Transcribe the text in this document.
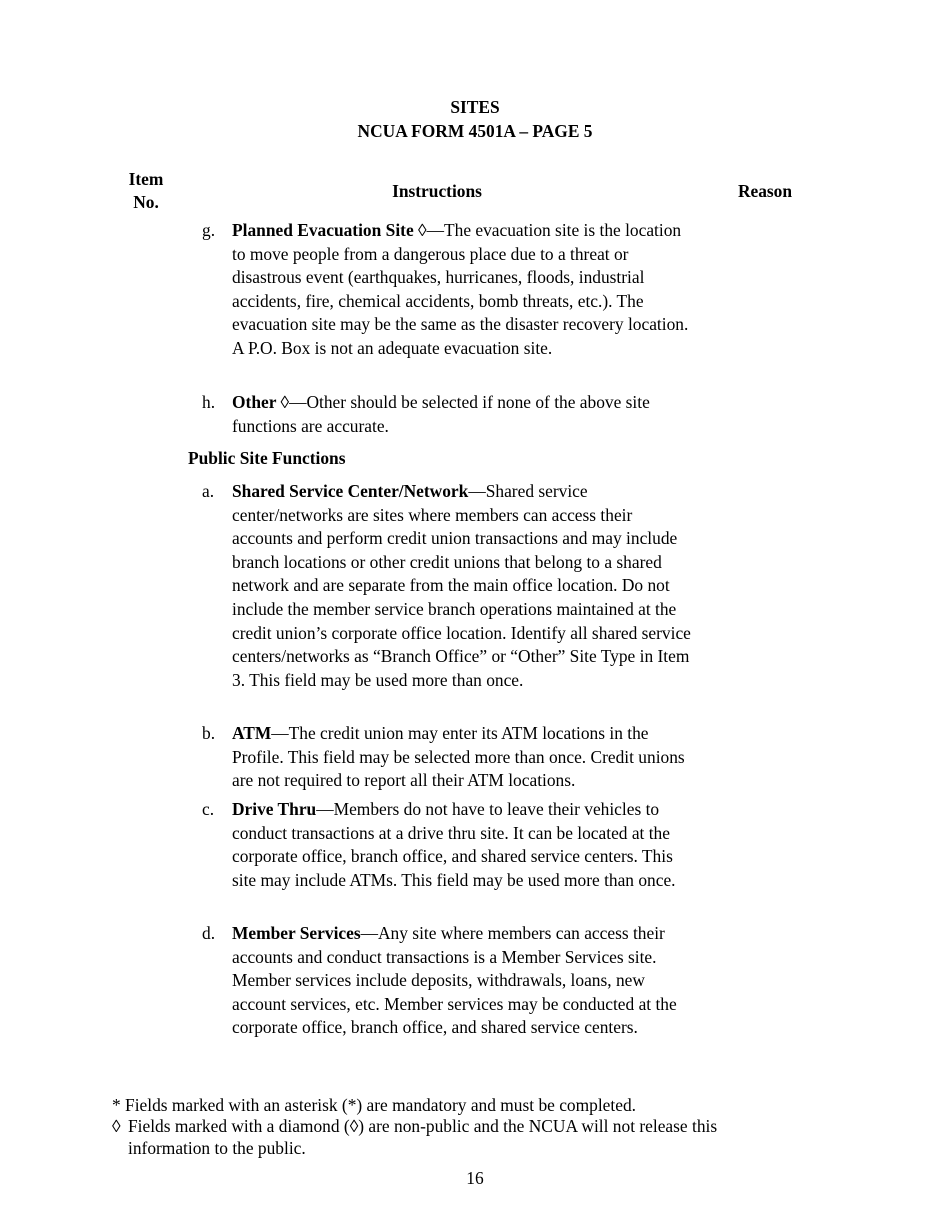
SITES
NCUA FORM 4501A – PAGE 5
Item
No.
Instructions	Reason
g. Planned Evacuation Site ◊—The evacuation site is the location to move people from a dangerous place due to a threat or disastrous event (earthquakes, hurricanes, floods, industrial accidents, fire, chemical accidents, bomb threats, etc.). The evacuation site may be the same as the disaster recovery location. A P.O. Box is not an adequate evacuation site.
h. Other ◊—Other should be selected if none of the above site functions are accurate.
Public Site Functions
a. Shared Service Center/Network—Shared service center/networks are sites where members can access their accounts and perform credit union transactions and may include branch locations or other credit unions that belong to a shared network and are separate from the main office location. Do not include the member service branch operations maintained at the credit union’s corporate office location. Identify all shared service centers/networks as “Branch Office” or “Other” Site Type in Item 3. This field may be used more than once.
b. ATM—The credit union may enter its ATM locations in the Profile. This field may be selected more than once. Credit unions are not required to report all their ATM locations.
c. Drive Thru—Members do not have to leave their vehicles to conduct transactions at a drive thru site. It can be located at the corporate office, branch office, and shared service centers. This site may include ATMs. This field may be used more than once.
d. Member Services—Any site where members can access their accounts and conduct transactions is a Member Services site. Member services include deposits, withdrawals, loans, new account services, etc. Member services may be conducted at the corporate office, branch office, and shared service centers.
* Fields marked with an asterisk (*) are mandatory and must be completed.
◊ Fields marked with a diamond (◊) are non-public and the NCUA will not release this
information to the public.
16
